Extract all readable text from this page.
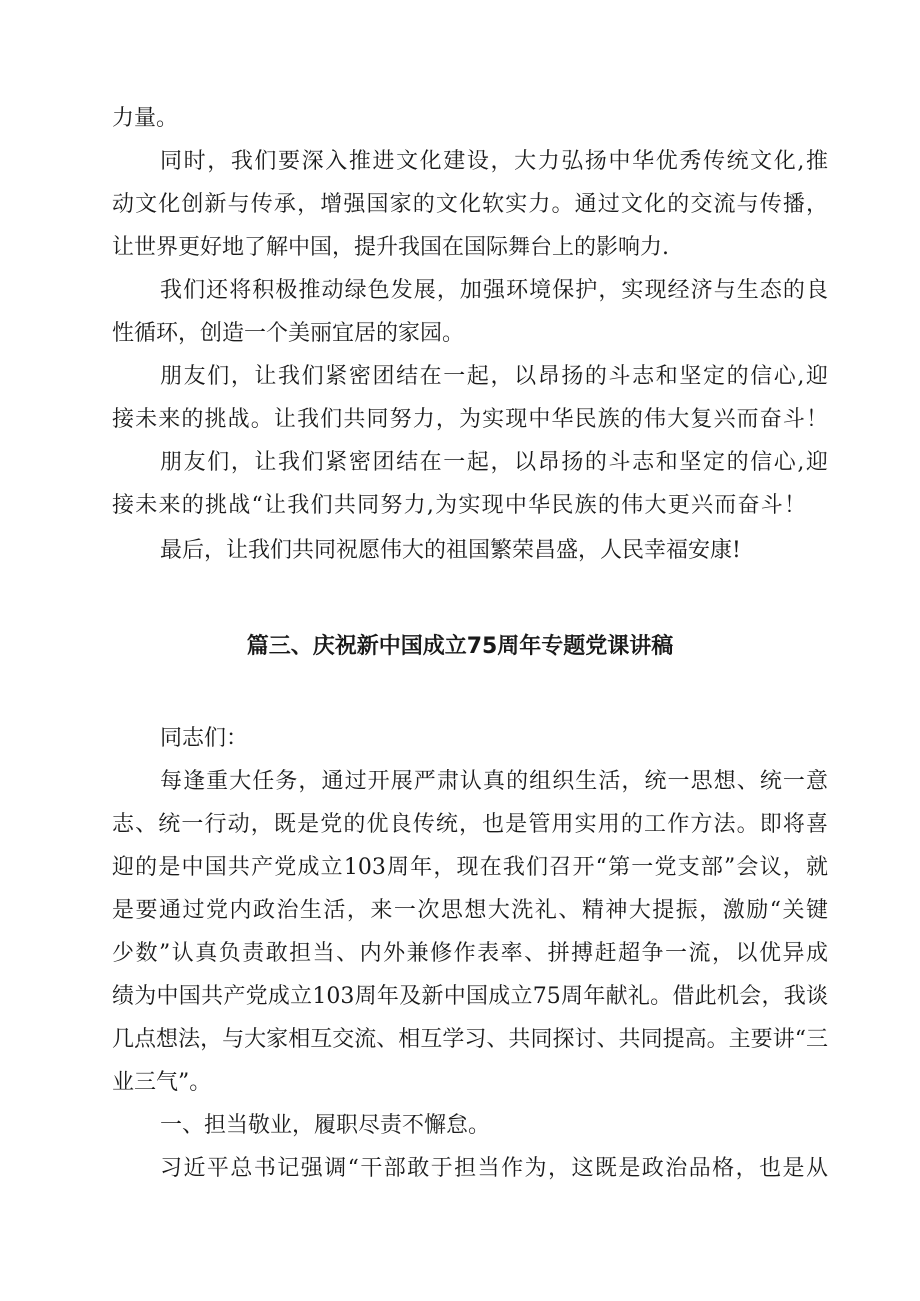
力量。
同时，我们要深入推进文化建设，大力弘扬中华优秀传统文化,推
动文化创新与传承，增强国家的文化软实力。通过文化的交流与传播，
让世界更好地了解中国，提升我国在国际舞台上的影响力.
我们还将积极推动绿色发展，加强环境保护，实现经济与生态的良
性循环，创造一个美丽宜居的家园。
朋友们，让我们紧密团结在一起，以昂扬的斗志和坚定的信心,迎
接未来的挑战。让我们共同努力，为实现中华民族的伟大复兴而奋斗！
朋友们，让我们紧密团结在一起，以昂扬的斗志和坚定的信心,迎
接未来的挑战“让我们共同努力,为实现中华民族的伟大更兴而奋斗！
最后，让我们共同祝愿伟大的祖国繁荣昌盛，人民幸福安康!
篇三、庆祝新中国成立75周年专题党课讲稿
同志们：
每逢重大任务，通过开展严肃认真的组织生活，统一思想、统一意
志、统一行动，既是党的优良传统，也是管用实用的工作方法。即将喜
迎的是中国共产党成立103周年，现在我们召开“第一党支部”会议，就
是要通过党内政治生活，来一次思想大洗礼、精神大提振，激励“关键
少数”认真负责敢担当、内外兼修作表率、拼搏赶超争一流，以优异成
绩为中国共产党成立103周年及新中国成立75周年献礼。借此机会，我谈
几点想法，与大家相互交流、相互学习、共同探讨、共同提高。主要讲“三
业三气”。
一、担当敬业，履职尽责不懈怠。
习近平总书记强调“干部敢于担当作为，这既是政治品格，也是从
